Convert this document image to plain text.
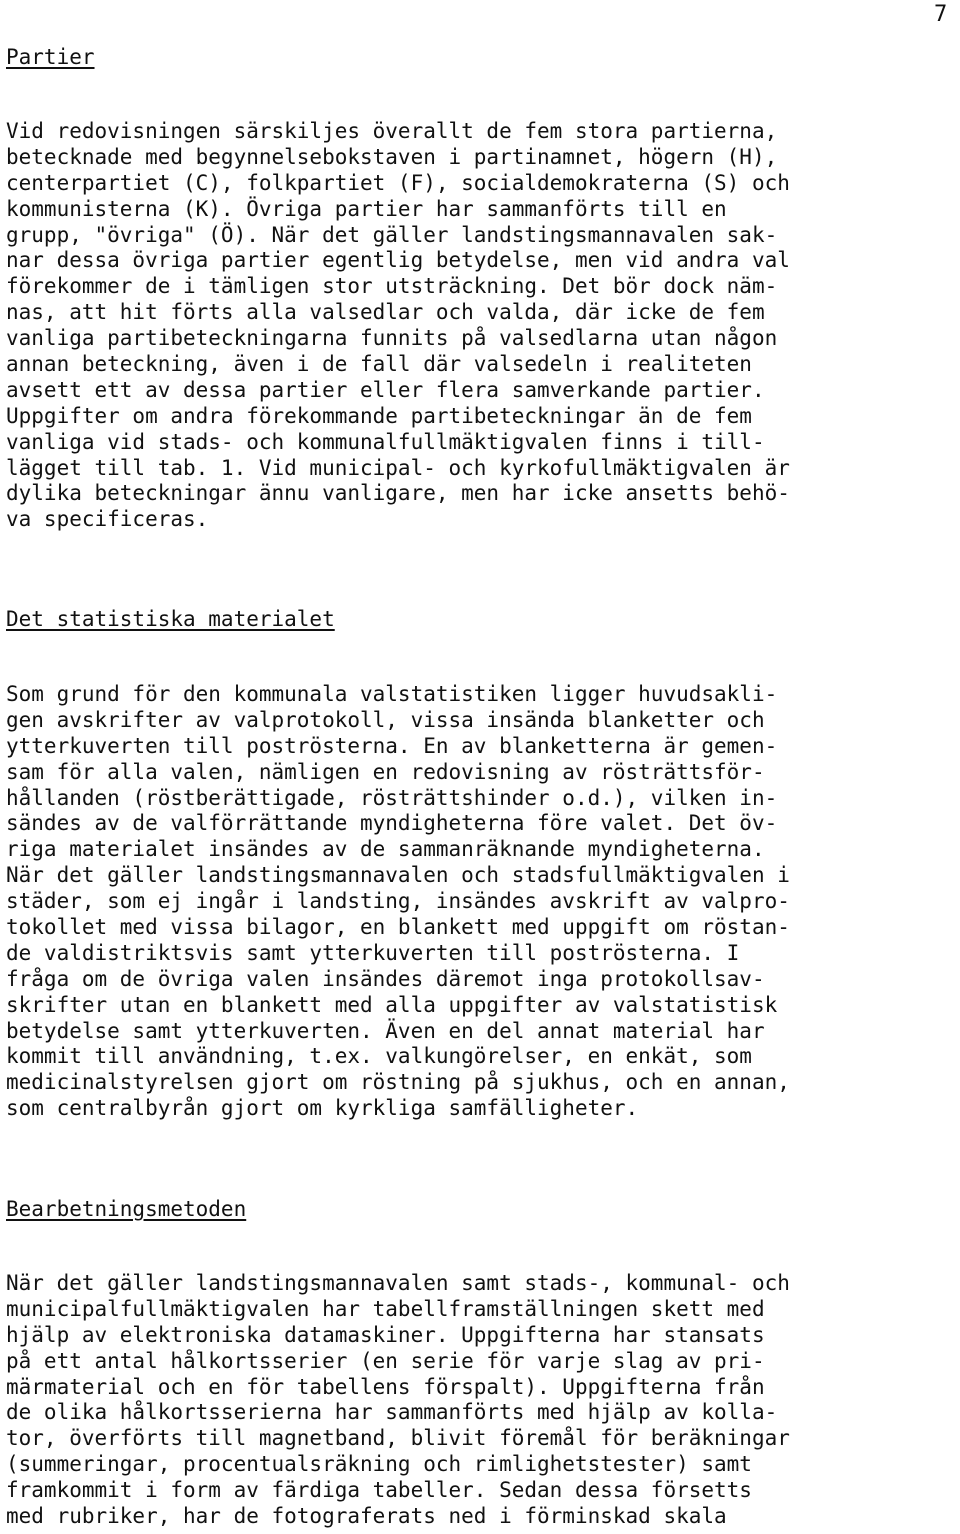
7
Partier
Vid redovisningen särskiljes överallt de fem stora partierna,
betecknade med begynnelsebokstaven i partinamnet, högern (H),
centerpartiet (C), folkpartiet (F), socialdemokraterna (S) och
kommunisterna (K). Övriga partier har sammanförts till en
grupp, "övriga" (Ö). När det gäller landstingsmannavalen sak-
nar dessa övriga partier egentlig betydelse, men vid andra val
förekommer de i tämligen stor utsträckning. Det bör dock näm-
nas, att hit förts alla valsedlar och valda, där icke de fem
vanliga partibeteckningarna funnits på valsedlarna utan någon
annan beteckning, även i de fall där valsedeln i realiteten
avsett ett av dessa partier eller flera samverkande partier.
Uppgifter om andra förekommande partibeteckningar än de fem
vanliga vid stads- och kommunalfullmäktigvalen finns i till-
lägget till tab. 1. Vid municipal- och kyrkofullmäktigvalen är
dylika beteckningar ännu vanligare, men har icke ansetts behö-
va specificeras.
Det statistiska materialet
Som grund för den kommunala valstatistiken ligger huvudsakli-
gen avskrifter av valprotokoll, vissa insända blanketter och
ytterkuverten till poströsterna. En av blanketterna är gemen-
sam för alla valen, nämligen en redovisning av rösträttsför-
hållanden (röstberättigade, rösträttshinder o.d.), vilken in-
sändes av de valförrättande myndigheterna före valet. Det öv-
riga materialet insändes av de sammanräknande myndigheterna.
När det gäller landstingsmannavalen och stadsfullmäktigvalen i
städer, som ej ingår i landsting, insändes avskrift av valpro-
tokollet med vissa bilagor, en blankett med uppgift om röstan-
de valdistriktsvis samt ytterkuverten till poströsterna. I
fråga om de övriga valen insändes däremot inga protokollsav-
skrifter utan en blankett med alla uppgifter av valstatistisk
betydelse samt ytterkuverten. Även en del annat material har
kommit till användning, t.ex. valkungörelser, en enkät, som
medicinalstyrelsen gjort om röstning på sjukhus, och en annan,
som centralbyrån gjort om kyrkliga samfälligheter.
Bearbetningsmetoden
När det gäller landstingsmannavalen samt stads-, kommunal- och
municipalfullmäktigvalen har tabellframställningen skett med
hjälp av elektroniska datamaskiner. Uppgifterna har stansats
på ett antal hålkortsserier (en serie för varje slag av pri-
märmaterial och en för tabellens förspalt). Uppgifterna från
de olika hålkortsserierna har sammanförts med hjälp av kolla-
tor, överförts till magnetband, blivit föremål för beräkningar
(summeringar, procentualsräkning och rimlighetstester) samt
framkommit i form av färdiga tabeller. Sedan dessa försetts
med rubriker, har de fotograferats ned i förminskad skala
